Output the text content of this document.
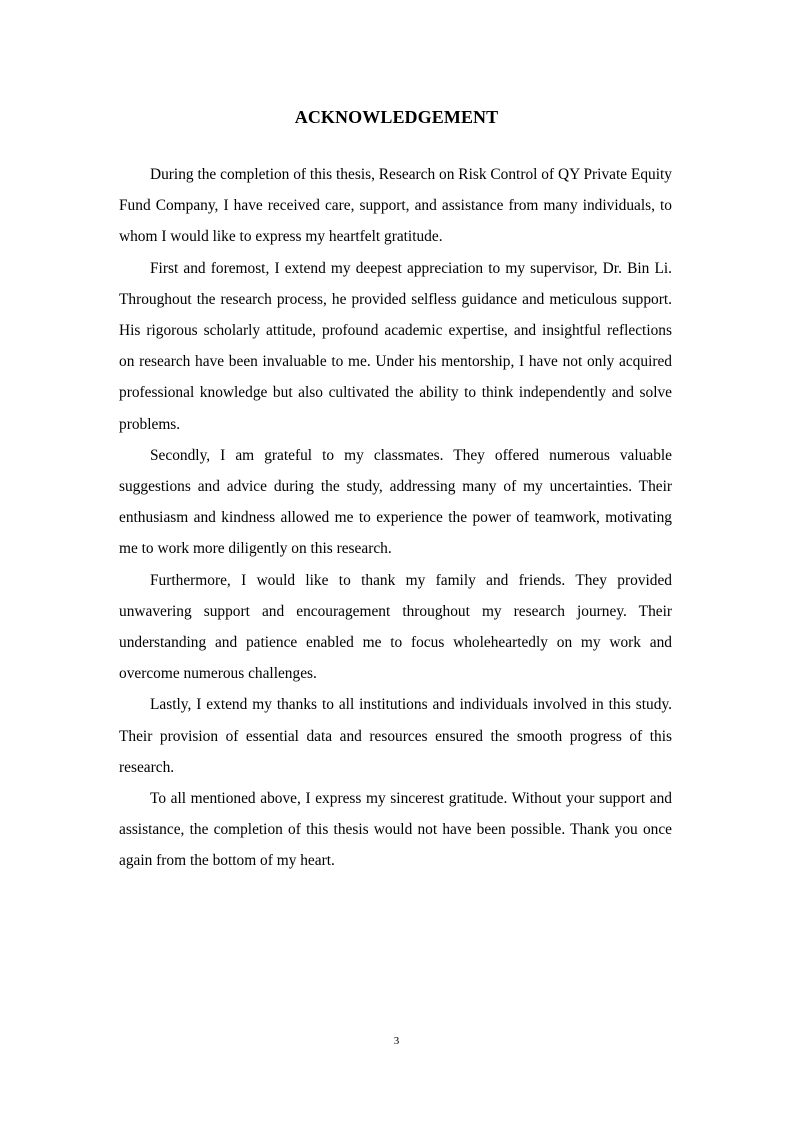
ACKNOWLEDGEMENT

During the completion of this thesis, Research on Risk Control of QY Private Equity Fund Company, I have received care, support, and assistance from many individuals, to whom I would like to express my heartfelt gratitude.

First and foremost, I extend my deepest appreciation to my supervisor, Dr. Bin Li. Throughout the research process, he provided selfless guidance and meticulous support. His rigorous scholarly attitude, profound academic expertise, and insightful reflections on research have been invaluable to me. Under his mentorship, I have not only acquired professional knowledge but also cultivated the ability to think independently and solve problems.

Secondly, I am grateful to my classmates. They offered numerous valuable suggestions and advice during the study, addressing many of my uncertainties. Their enthusiasm and kindness allowed me to experience the power of teamwork, motivating me to work more diligently on this research.

Furthermore, I would like to thank my family and friends. They provided unwavering support and encouragement throughout my research journey. Their understanding and patience enabled me to focus wholeheartedly on my work and overcome numerous challenges.

Lastly, I extend my thanks to all institutions and individuals involved in this study. Their provision of essential data and resources ensured the smooth progress of this research.

To all mentioned above, I express my sincerest gratitude. Without your support and assistance, the completion of this thesis would not have been possible. Thank you once again from the bottom of my heart.

3
